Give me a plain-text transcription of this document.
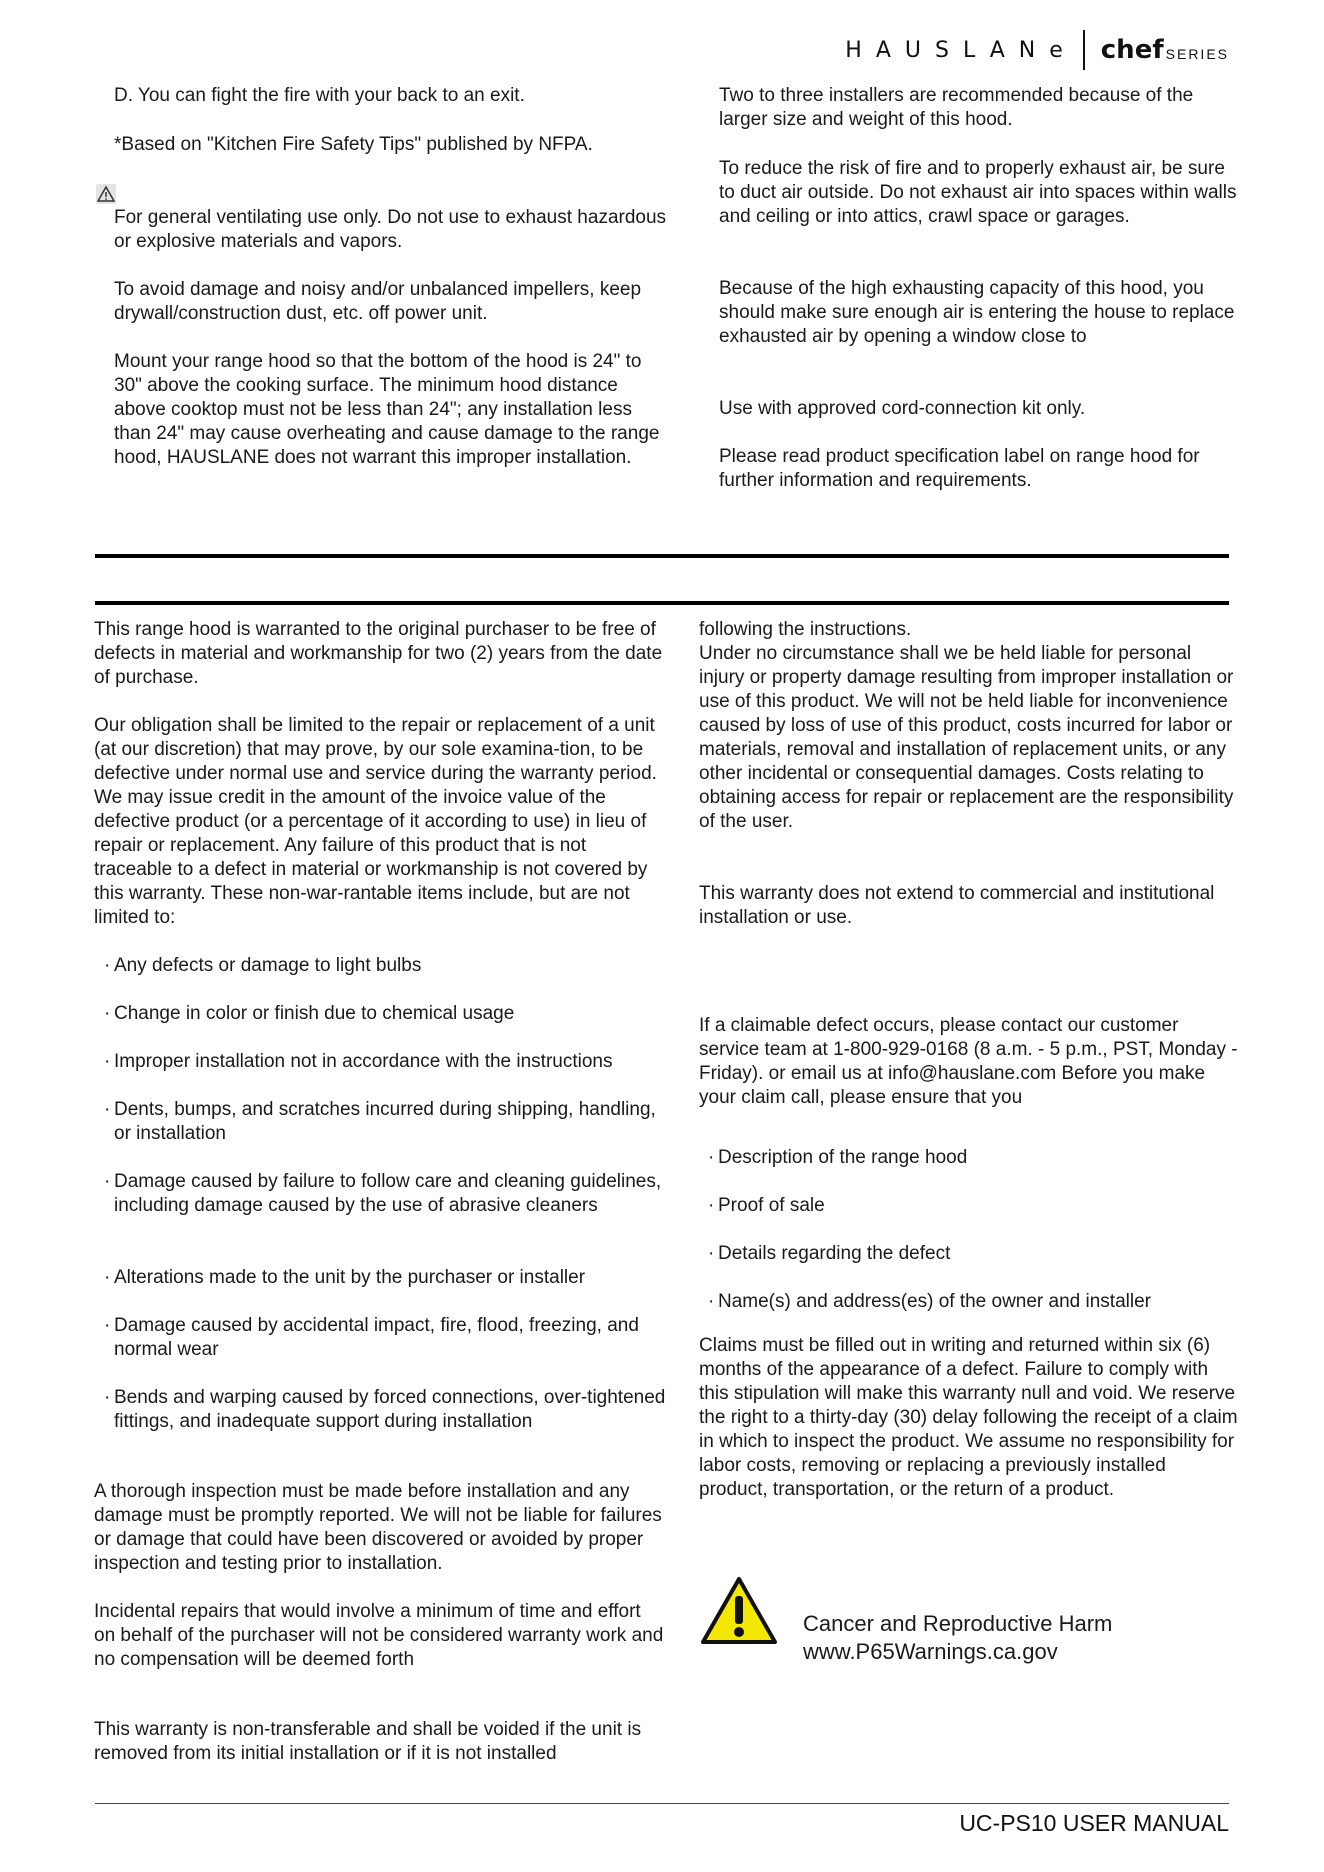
HAUSLANe chef SERIES

D. You can fight the fire with your back to an exit.

*Based on "Kitchen Fire Safety Tips" published by NFPA.

For general ventilating use only. Do not use to exhaust hazardous or explosive materials and vapors.

To avoid damage and noisy and/or unbalanced impellers, keep drywall/construction dust, etc. off power unit.

Mount your range hood so that the bottom of the hood is 24" to 30" above the cooking surface. The minimum hood distance above cooktop must not be less than 24"; any installation less than 24" may cause overheating and cause damage to the range hood, HAUSLANE does not warrant this improper installation.

Two to three installers are recommended because of the larger size and weight of this hood.

To reduce the risk of fire and to properly exhaust air, be sure to duct air outside. Do not exhaust air into spaces within walls and ceiling or into attics, crawl space or garages.

Because of the high exhausting capacity of this hood, you should make sure enough air is entering the house to replace exhausted air by opening a window close to

Use with approved cord-connection kit only.

Please read product specification label on range hood for further information and requirements.

This range hood is warranted to the original purchaser to be free of defects in material and workmanship for two (2) years from the date of purchase.

Our obligation shall be limited to the repair or replacement of a unit (at our discretion) that may prove, by our sole examina-tion, to be defective under normal use and service during the warranty period. We may issue credit in the amount of the invoice value of the defective product (or a percentage of it according to use) in lieu of repair or replacement. Any failure of this product that is not traceable to a defect in material or workmanship is not covered by this warranty. These non-war-rantable items include, but are not limited to:

· Any defects or damage to light bulbs
· Change in color or finish due to chemical usage
· Improper installation not in accordance with the instructions
· Dents, bumps, and scratches incurred during shipping, handling, or installation
· Damage caused by failure to follow care and cleaning guidelines, including damage caused by the use of abrasive cleaners
· Alterations made to the unit by the purchaser or installer
· Damage caused by accidental impact, fire, flood, freezing, and normal wear
· Bends and warping caused by forced connections, over-tightened fittings, and inadequate support during installation

A thorough inspection must be made before installation and any damage must be promptly reported. We will not be liable for failures or damage that could have been discovered or avoided by proper inspection and testing prior to installation.

Incidental repairs that would involve a minimum of time and effort on behalf of the purchaser will not be considered warranty work and no compensation will be deemed forth

This warranty is non-transferable and shall be voided if the unit is removed from its initial installation or if it is not installed

following the instructions.

Under no circumstance shall we be held liable for personal injury or property damage resulting from improper installation or use of this product. We will not be held liable for inconvenience caused by loss of use of this product, costs incurred for labor or materials, removal and installation of replacement units, or any other incidental or consequential damages. Costs relating to obtaining access for repair or replacement are the responsibility of the user.

This warranty does not extend to commercial and institutional installation or use.

If a claimable defect occurs, please contact our customer service team at 1-800-929-0168 (8 a.m. - 5 p.m., PST, Monday - Friday). or email us at info@hauslane.com Before you make your claim call, please ensure that you

· Description of the range hood
· Proof of sale
· Details regarding the defect
· Name(s) and address(es) of the owner and installer

Claims must be filled out in writing and returned within six (6) months of the appearance of a defect. Failure to comply with this stipulation will make this warranty null and void. We reserve the right to a thirty-day (30) delay following the receipt of a claim in which to inspect the product. We assume no responsibility for labor costs, removing or replacing a previously installed product, transportation, or the return of a product.

Cancer and Reproductive Harm
www.P65Warnings.ca.gov
UC-PS10 USER MANUAL
